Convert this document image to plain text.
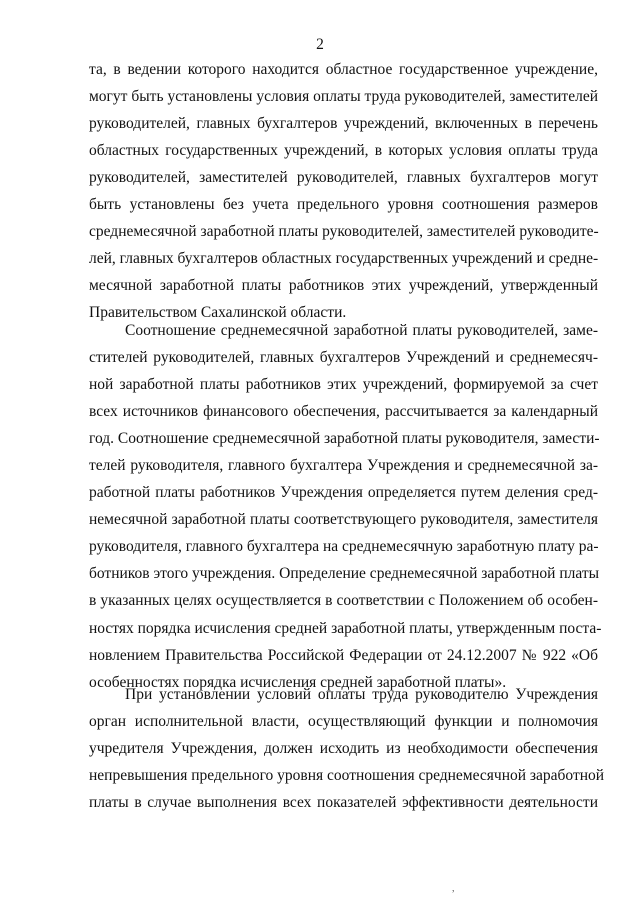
2
та, в ведении которого находится областное государственное учреждение,
могут быть установлены условия оплаты труда руководителей, заместителей
руководителей, главных бухгалтеров учреждений, включенных в перечень
областных государственных учреждений, в которых условия оплаты труда
руководителей, заместителей руководителей, главных бухгалтеров могут
быть установлены без учета предельного уровня соотношения размеров
среднемесячной заработной платы руководителей, заместителей руководите-
лей, главных бухгалтеров областных государственных учреждений и средне-
месячной заработной платы работников этих учреждений, утвержденный
Правительством Сахалинской области.
Соотношение среднемесячной заработной платы руководителей, заме-
стителей руководителей, главных бухгалтеров Учреждений и среднемесяч-
ной заработной платы работников этих учреждений, формируемой за счет
всех источников финансового обеспечения, рассчитывается за календарный
год. Соотношение среднемесячной заработной платы руководителя, замести-
телей руководителя, главного бухгалтера Учреждения и среднемесячной за-
работной платы работников Учреждения определяется путем деления сред-
немесячной заработной платы соответствующего руководителя, заместителя
руководителя, главного бухгалтера на среднемесячную заработную плату ра-
ботников этого учреждения. Определение среднемесячной заработной платы
в указанных целях осуществляется в соответствии с Положением об особен-
ностях порядка исчисления средней заработной платы, утвержденным поста-
новлением Правительства Российской Федерации от 24.12.2007 № 922 «Об
особенностях порядка исчисления средней заработной платы».
При установлении условий оплаты труда руководителю Учреждения
орган исполнительной власти, осуществляющий функции и полномочия
учредителя Учреждения, должен исходить из необходимости обеспечения
непревышения предельного уровня соотношения среднемесячной заработной
платы в случае выполнения всех показателей эффективности деятельности
,
